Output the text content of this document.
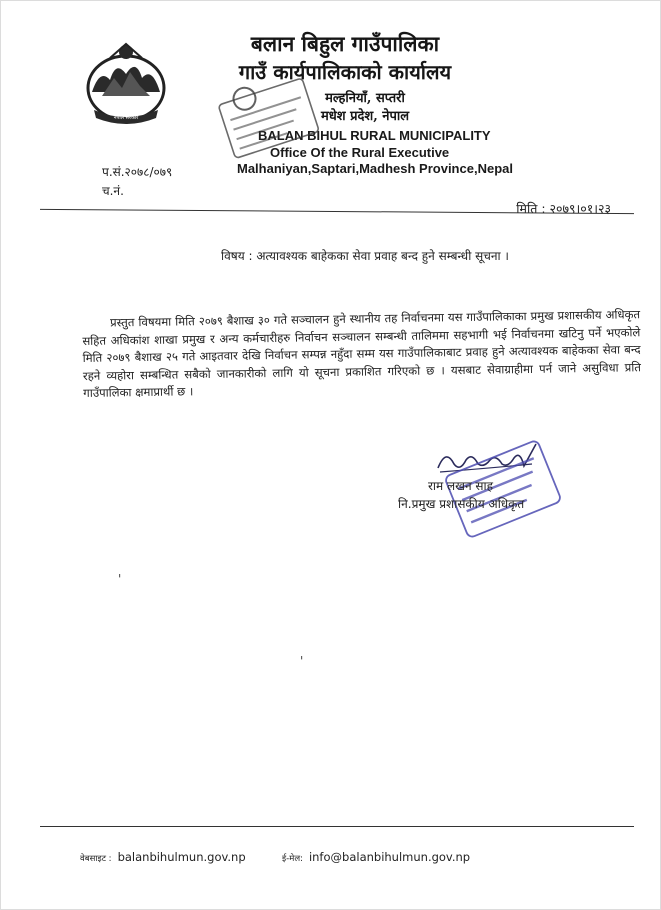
नेपाल सरकार
बलान बिहुल गाउँपालिका
गाउँ कार्यपालिकाको कार्यालय
मल्हनियाँ, सप्तरी
मधेश प्रदेश, नेपाल
BALAN BIHUL RURAL MUNICIPALITY
Office Of the Rural Executive
Malhaniyan,Saptari,Madhesh Province,Nepal
प.सं.२०७८/०७९
च.नं.
मिति : २०७९।०१।२३
विषय : अत्यावश्यक बाहेकका सेवा प्रवाह बन्द हुने सम्बन्धी सूचना ।

प्रस्तुत विषयमा मिति २०७९ बैशाख ३० गते सञ्चालन हुने स्थानीय तह निर्वाचनमा यस गाउँपालिकाका प्रमुख प्रशासकीय अधिकृत सहित अधिकांश शाखा प्रमुख र अन्य कर्मचारीहरु निर्वाचन सञ्चालन सम्बन्धी तालिममा सहभागी भई निर्वाचनमा खटिनु पर्ने भएकोले मिति २०७९ बैशाख २५ गते आइतवार देखि निर्वाचन सम्पन्न नहुँदा सम्म यस गाउँपालिकाबाट प्रवाह हुने अत्यावश्यक बाहेकका सेवा बन्द रहने व्यहोरा सम्बन्धित सबैको जानकारीको लागि यो सूचना प्रकाशित गरिएको छ । यसबाट सेवाग्राहीमा पर्न जाने असुविधा प्रति गाउँपालिका क्षमाप्रार्थी छ ।

राम लखन साह
नि.प्रमुख प्रशासकीय अधिकृत
'
'
वेबसाइट : balanbihulmun.gov.np	ई-मेल: info@balanbihulmun.gov.np
